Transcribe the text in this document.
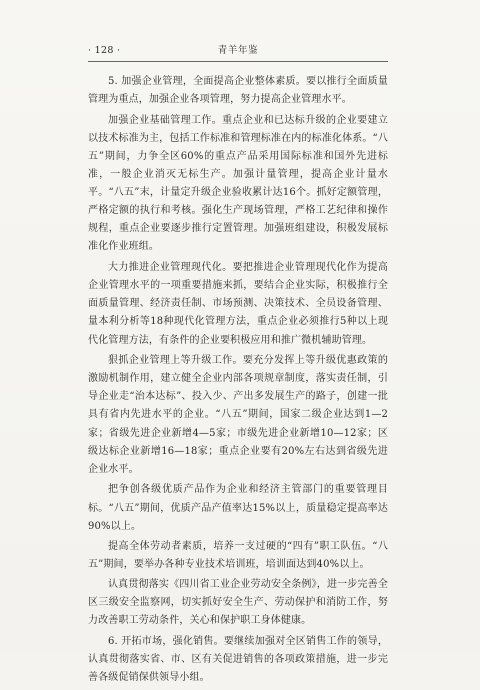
· 128 ·	青羊年鉴

5. 加强企业管理，全面提高企业整体素质。要以推行全面质量管理为重点，加强企业各项管理，努力提高企业管理水平。

加强企业基础管理工作。重点企业和已达标升级的企业要建立以技术标准为主，包括工作标准和管理标准在内的标准化体系。“八五”期间，力争全区60%的重点产品采用国际标准和国外先进标准，一般企业消灭无标生产。加强计量管理，提高企业计量水平。“八五”末，计量定升级企业验收累计达16个。抓好定额管理，严格定额的执行和考核。强化生产现场管理，严格工艺纪律和操作规程，重点企业要逐步推行定置管理。加强班组建设，积极发展标准化作业班组。

大力推进企业管理现代化。要把推进企业管理现代化作为提高企业管理水平的一项重要措施来抓，要结合企业实际，积极推行全面质量管理、经济责任制、市场预测、决策技术、全员设备管理、量本利分析等18种现代化管理方法，重点企业必须推行5种以上现代化管理方法，有条件的企业要积极应用和推广微机辅助管理。

狠抓企业管理上等升级工作。要充分发挥上等升级优惠政策的激励机制作用，建立健全企业内部各项规章制度，落实责任制，引导企业走“治本达标”、投入少、产出多发展生产的路子，创建一批具有省内先进水平的企业。“八五”期间，国家二级企业达到1—2家；省级先进企业新增4—5家；市级先进企业新增10—12家；区级达标企业新增16—18家；重点企业要有20%左右达到省级先进企业水平。

把争创各级优质产品作为企业和经济主管部门的重要管理目标。“八五”期间，优质产品产值率达15%以上，质量稳定提高率达90%以上。

提高全体劳动者素质，培养一支过硬的“四有”职工队伍。“八五”期间，要举办各种专业技术培训班，培训面达到40%以上。

认真贯彻落实《四川省工业企业劳动安全条例》，进一步完善全区三级安全监察网，切实抓好安全生产、劳动保护和消防工作，努力改善职工劳动条件，关心和保护职工身体健康。

6. 开拓市场，强化销售。要继续加强对全区销售工作的领导，认真贯彻落实省、市、区有关促进销售的各项政策措施，进一步完善各级促销保供领导小组。
